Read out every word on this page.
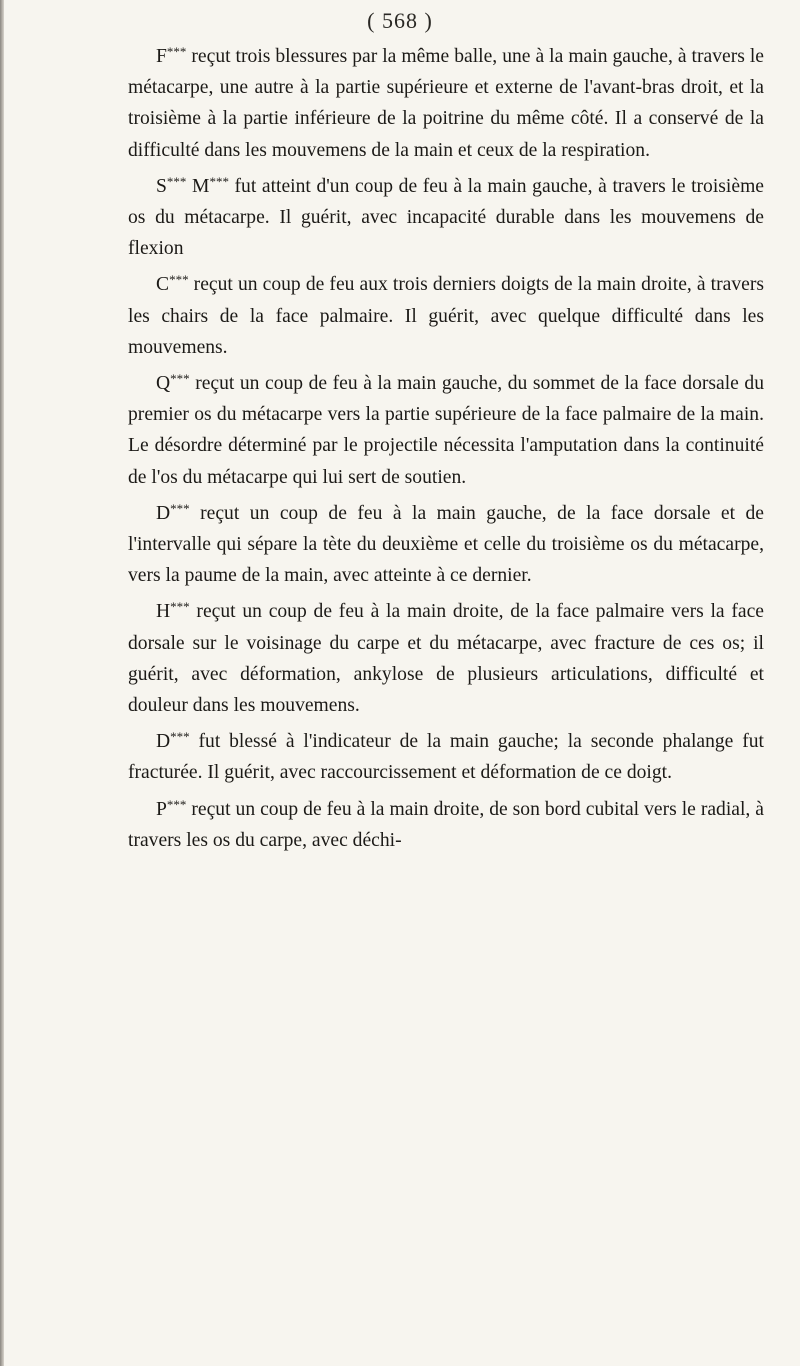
( 568 )

F*** reçut trois blessures par la même balle, une à la main gauche, à travers le métacarpe, une autre à la partie supérieure et externe de l'avant-bras droit, et la troisième à la partie inférieure de la poitrine du même côté. Il a conservé de la difficulté dans les mouvemens de la main et ceux de la respiration.

S*** M*** fut atteint d'un coup de feu à la main gauche, à travers le troisième os du métacarpe. Il guérit, avec incapacité durable dans les mouvemens de flexion

C*** reçut un coup de feu aux trois derniers doigts de la main droite, à travers les chairs de la face palmaire. Il guérit, avec quelque difficulté dans les mouvemens.

Q*** reçut un coup de feu à la main gauche, du sommet de la face dorsale du premier os du métacarpe vers la partie supérieure de la face palmaire de la main. Le désordre déterminé par le projectile nécessita l'amputation dans la continuité de l'os du métacarpe qui lui sert de soutien.

D*** reçut un coup de feu à la main gauche, de la face dorsale et de l'intervalle qui sépare la tète du deuxième et celle du troisième os du métacarpe, vers la paume de la main, avec atteinte à ce dernier.

H*** reçut un coup de feu à la main droite, de la face palmaire vers la face dorsale sur le voisinage du carpe et du métacarpe, avec fracture de ces os; il guérit, avec déformation, ankylose de plusieurs articulations, difficulté et douleur dans les mouvemens.

D*** fut blessé à l'indicateur de la main gauche; la seconde phalange fut fracturée. Il guérit, avec raccourcissement et déformation de ce doigt.

P*** reçut un coup de feu à la main droite, de son bord cubital vers le radial, à travers les os du carpe, avec déchi-
